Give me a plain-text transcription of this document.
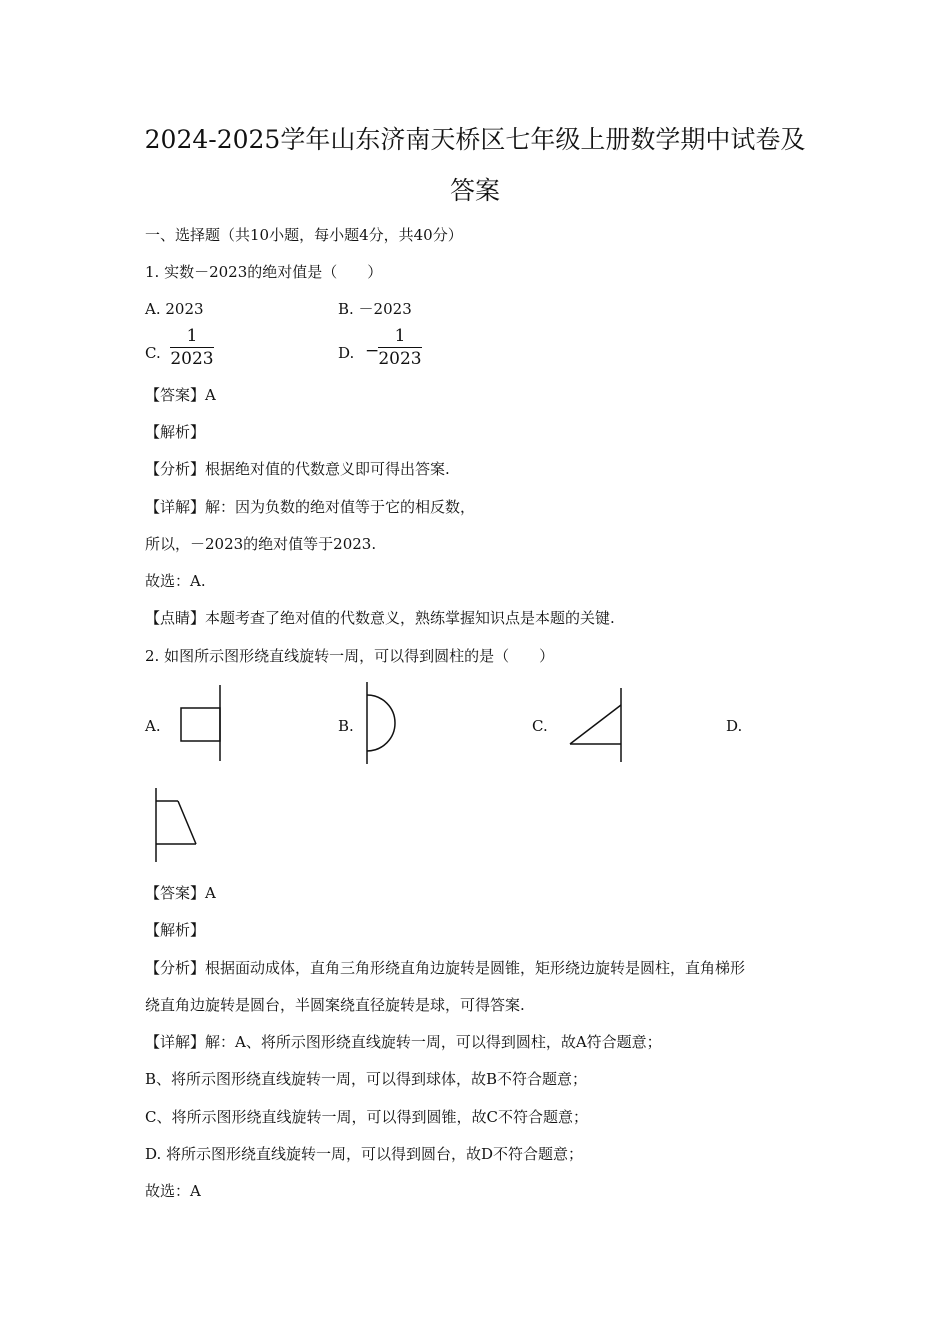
2024-2025学年山东济南天桥区七年级上册数学期中试卷及
答案
一、选择题（共10小题，每小题4分，共40分）
1. 实数－2023的绝对值是（　　）
A. 2023	B. －2023
C. $\frac{1}{2023}$	D. −
$\frac{1}{2023}$
【答案】A
【解析】
【分析】根据绝对值的代数意义即可得出答案.
【详解】解：因为负数的绝对值等于它的相反数，
所以，－2023的绝对值等于2023.
故选：A.
【点睛】本题考查了绝对值的代数意义，熟练掌握知识点是本题的关键.
2. 如图所示图形绕直线旋转一周，可以得到圆柱的是（　　）
A.	B.	C.	D.
【答案】A
【解析】
【分析】根据面动成体，直角三角形绕直角边旋转是圆锥，矩形绕边旋转是圆柱，直角梯形
绕直角边旋转是圆台，半圆案绕直径旋转是球，可得答案.
【详解】解：A、将所示图形绕直线旋转一周，可以得到圆柱，故A符合题意；
B、将所示图形绕直线旋转一周，可以得到球体，故B不符合题意；
C、将所示图形绕直线旋转一周，可以得到圆锥，故C不符合题意；
D. 将所示图形绕直线旋转一周，可以得到圆台，故D不符合题意；
故选：A
